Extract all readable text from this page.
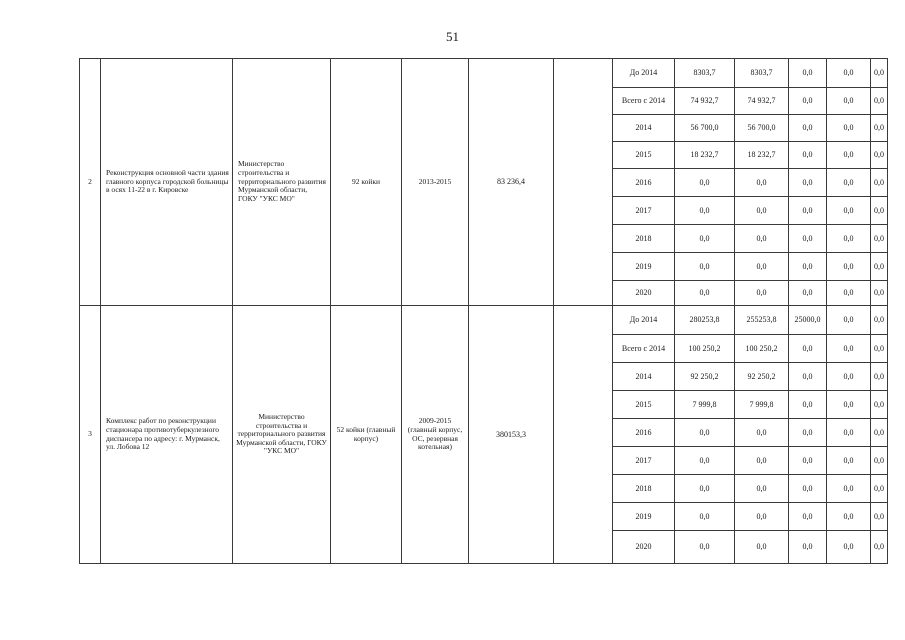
51
2	Реконструкция основной части здания главного корпуса городской больницы в осях 11-22 в г. Кировске	Министерство строительства и территориального развития Мурманской области, ГОКУ "УКС МО"	92 койки	2013-2015	83 236,4		До 2014	8303,7	8303,7	0,0	0,0	0,0
							Всего с 2014	74 932,7	74 932,7	0,0	0,0	0,0
							2014	56 700,0	56 700,0	0,0	0,0	0,0
							2015	18 232,7	18 232,7	0,0	0,0	0,0
							2016	0,0	0,0	0,0	0,0	0,0
							2017	0,0	0,0	0,0	0,0	0,0
							2018	0,0	0,0	0,0	0,0	0,0
							2019	0,0	0,0	0,0	0,0	0,0
							2020	0,0	0,0	0,0	0,0	0,0
3	Комплекс работ по реконструкции стационара противотуберкулезного диспансера по адресу: г. Мурманск, ул. Лобова 12	Министерство строительства и территориального развития Мурманской области, ГОКУ "УКС МО"	52 койки (главный корпус)	2009-2015 (главный корпус, ОС, резервная котельная)	380153,3		До 2014	280253,8	255253,8	25000,0	0,0	0,0
							Всего с 2014	100 250,2	100 250,2	0,0	0,0	0,0
							2014	92 250,2	92 250,2	0,0	0,0	0,0
							2015	7 999,8	7 999,8	0,0	0,0	0,0
							2016	0,0	0,0	0,0	0,0	0,0
							2017	0,0	0,0	0,0	0,0	0,0
							2018	0,0	0,0	0,0	0,0	0,0
							2019	0,0	0,0	0,0	0,0	0,0
							2020	0,0	0,0	0,0	0,0	0,0
